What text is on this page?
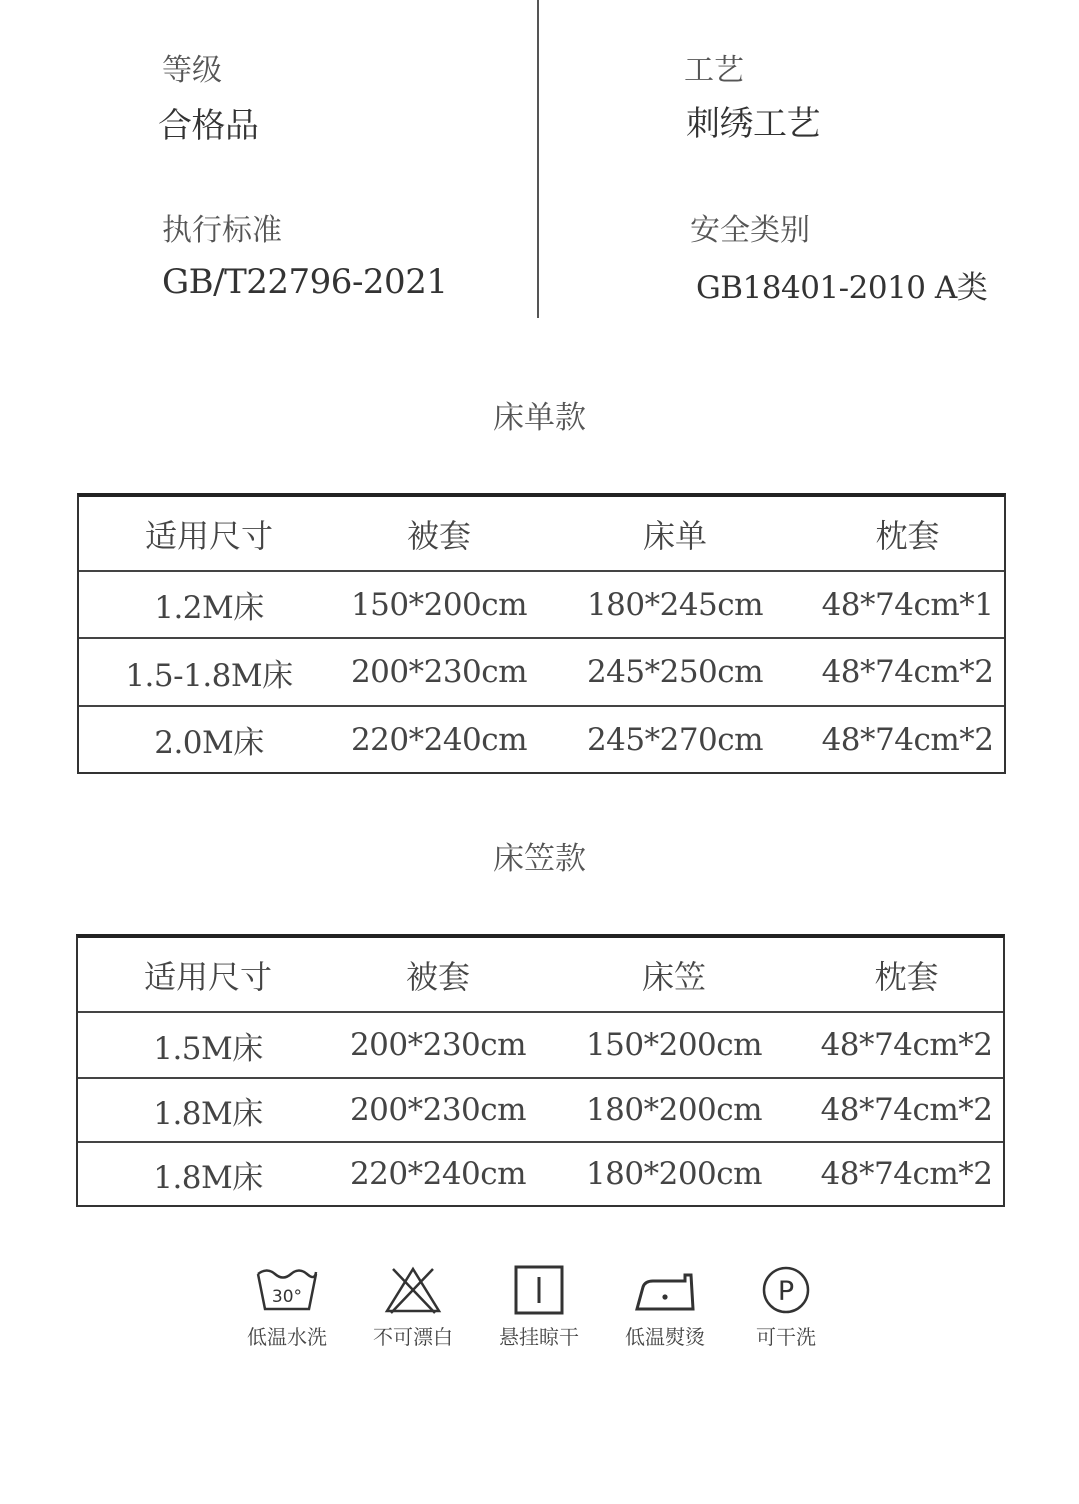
等级
合格品
工艺
刺绣工艺
执行标准
GB/T22796-2021
安全类别
GB18401-2010 A类
床单款
适用尺寸	被套	床单	枕套
1.2M床	150*200cm	180*245cm	48*74cm*1
1.5-1.8M床	200*230cm	245*250cm	48*74cm*2
2.0M床	220*240cm	245*270cm	48*74cm*2
床笠款
适用尺寸	被套	床笠	枕套
1.5M床	200*230cm	150*200cm	48*74cm*2
1.8M床	200*230cm	180*200cm	48*74cm*2
1.8M床	220*240cm	180*200cm	48*74cm*2
30°
低温水洗	不可漂白	悬挂晾干	低温熨烫
P
可干洗
